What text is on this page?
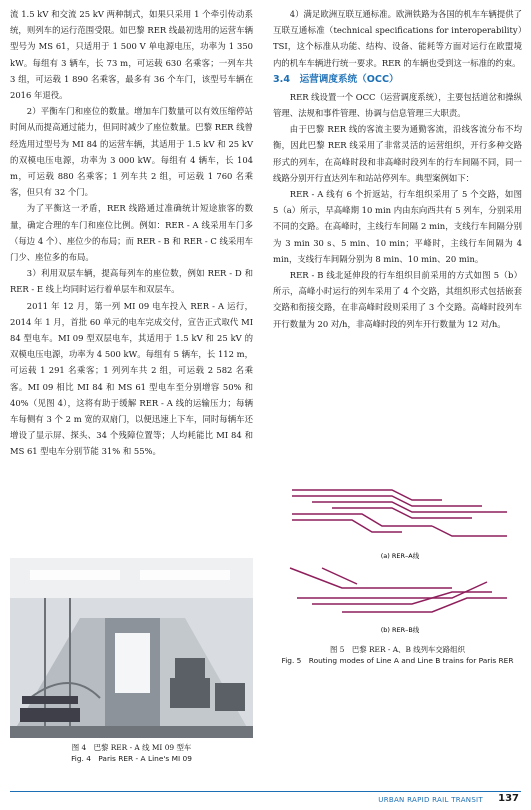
流 1.5 kV 和交流 25 kV 两种制式，如果只采用 1 个牵引传动系统，则列车的运行范围受限。如巴黎 RER 线最初选用的运营车辆型号为 MS 61，只适用于 1 500 V 单电源电压，功率为 1 350 kW。每组有 3 辆车，长 73 m，可运载 630 名乘客；一列车共 3 组，可运载 1 890 名乘客，最多有 36 个车门，该型号车辆在 2016 年退役。

2）平衡车门和座位的数量。增加车门数量可以有效压缩停站时间从而提高通过能力，但同时减少了座位数量。巴黎 RER 线曾经选用过型号为 MI 84 的运营车辆，其适用于 1.5 kV 和 25 kV 的双模电压电源，功率为 3 000 kW。每组有 4 辆车，长 104 m，可运载 880 名乘客；1 列车共 2 组，可运载 1 760 名乘客，但只有 32 个门。

为了平衡这一矛盾，RER 线路通过准确统计短途旅客的数量，确定合理的车门和座位比例。例如：RER - A 线采用车门多（每边 4 个）、座位少的布局；而 RER - B 和 RER - C 线采用车门少、座位多的布局。

3）利用双层车辆，提高每列车的座位数，例如 RER - D 和 RER - E 线上均同时运行着单层车和双层车。

2011 年 12 月，第一列 MI 09 电车投入 RER - A 运行，2014 年 1 月，首批 60 单元的电车完成交付，宣告正式取代 MI 84 型电车。MI 09 型双层电车，其适用于 1.5 kV 和 25 kV 的双模电压电源，功率为 4 500 kW。每组有 5 辆车，长 112 m，可运载 1 291 名乘客；1 列列车共 2 组，可运载 2 582 名乘客。MI 09 相比 MI 84 和 MS 61 型电车至分别增容 50% 和 40%（见图 4），这将有助于缓解 RER - A 线的运输压力；每辆车每侧有 3 个 2 m 宽的双扇门，以便迅速上下车，同时每辆车还增设了显示屏、探头、34 个残障位置等；人均耗能比 MI 84 和 MS 61 型电车分别节能 31% 和 55%。

图 4　巴黎 RER - A 线 MI 09 型车
Fig. 4　Paris RER - A Line's MI 09

4）满足欧洲互联互通标准。欧洲铁路为各国的机车车辆提供了互联互通标准（technical specifications for interoperability）TSI，这个标准从功能、结构、设备、能耗等方面对运行在欧盟境内的机车车辆进行统一要求。RER 的车辆也受到这一标准的约束。

3.4　运营调度系统（OCC）

RER 线设置一个 OCC（运营调度系统），主要包括道岔和操纵管理、法规和事件管理、协调与信息管理三大职责。

由于巴黎 RER 线的客流主要为通勤客流，沿线客流分布不均衡，因此巴黎 RER 线采用了非常灵活的运营组织，开行多种交路形式的列车，在高峰时段和非高峰时段列车的行车间隔不同，同一线路分别开行直达列车和站站停列车。典型案例如下：

RER - A 线有 6 个折返站，行车组织采用了 5 个交路，如图 5（a）所示，早高峰期 10 min 内由东向西共有 5 列车，分别采用不同的交路。在高峰时，主线行车间隔 2 min，支线行车间隔分别为 3 min 30 s、5 min、10 min；平峰时，主线行车间隔为 4 min，支线行车间隔分别为 8 min、10 min、20 min。

RER - B 线北延伸段的行车组织目前采用的方式如图 5（b）所示，高峰小时运行的列车采用了 4 个交路，其组织形式包括嵌套交路和衔接交路，在非高峰时段则采用了 3 个交路。高峰时段列车开行数量为 20 对/h，非高峰时段的列车开行数量为 12 对/h。

(a) RER–A线
(b) RER–B线
图 5　巴黎 RER - A、B 线列车交路组织
Fig. 5　Routing modes of Line A and Line B trains for Paris RER
URBAN RAPID RAIL TRANSIT 137
